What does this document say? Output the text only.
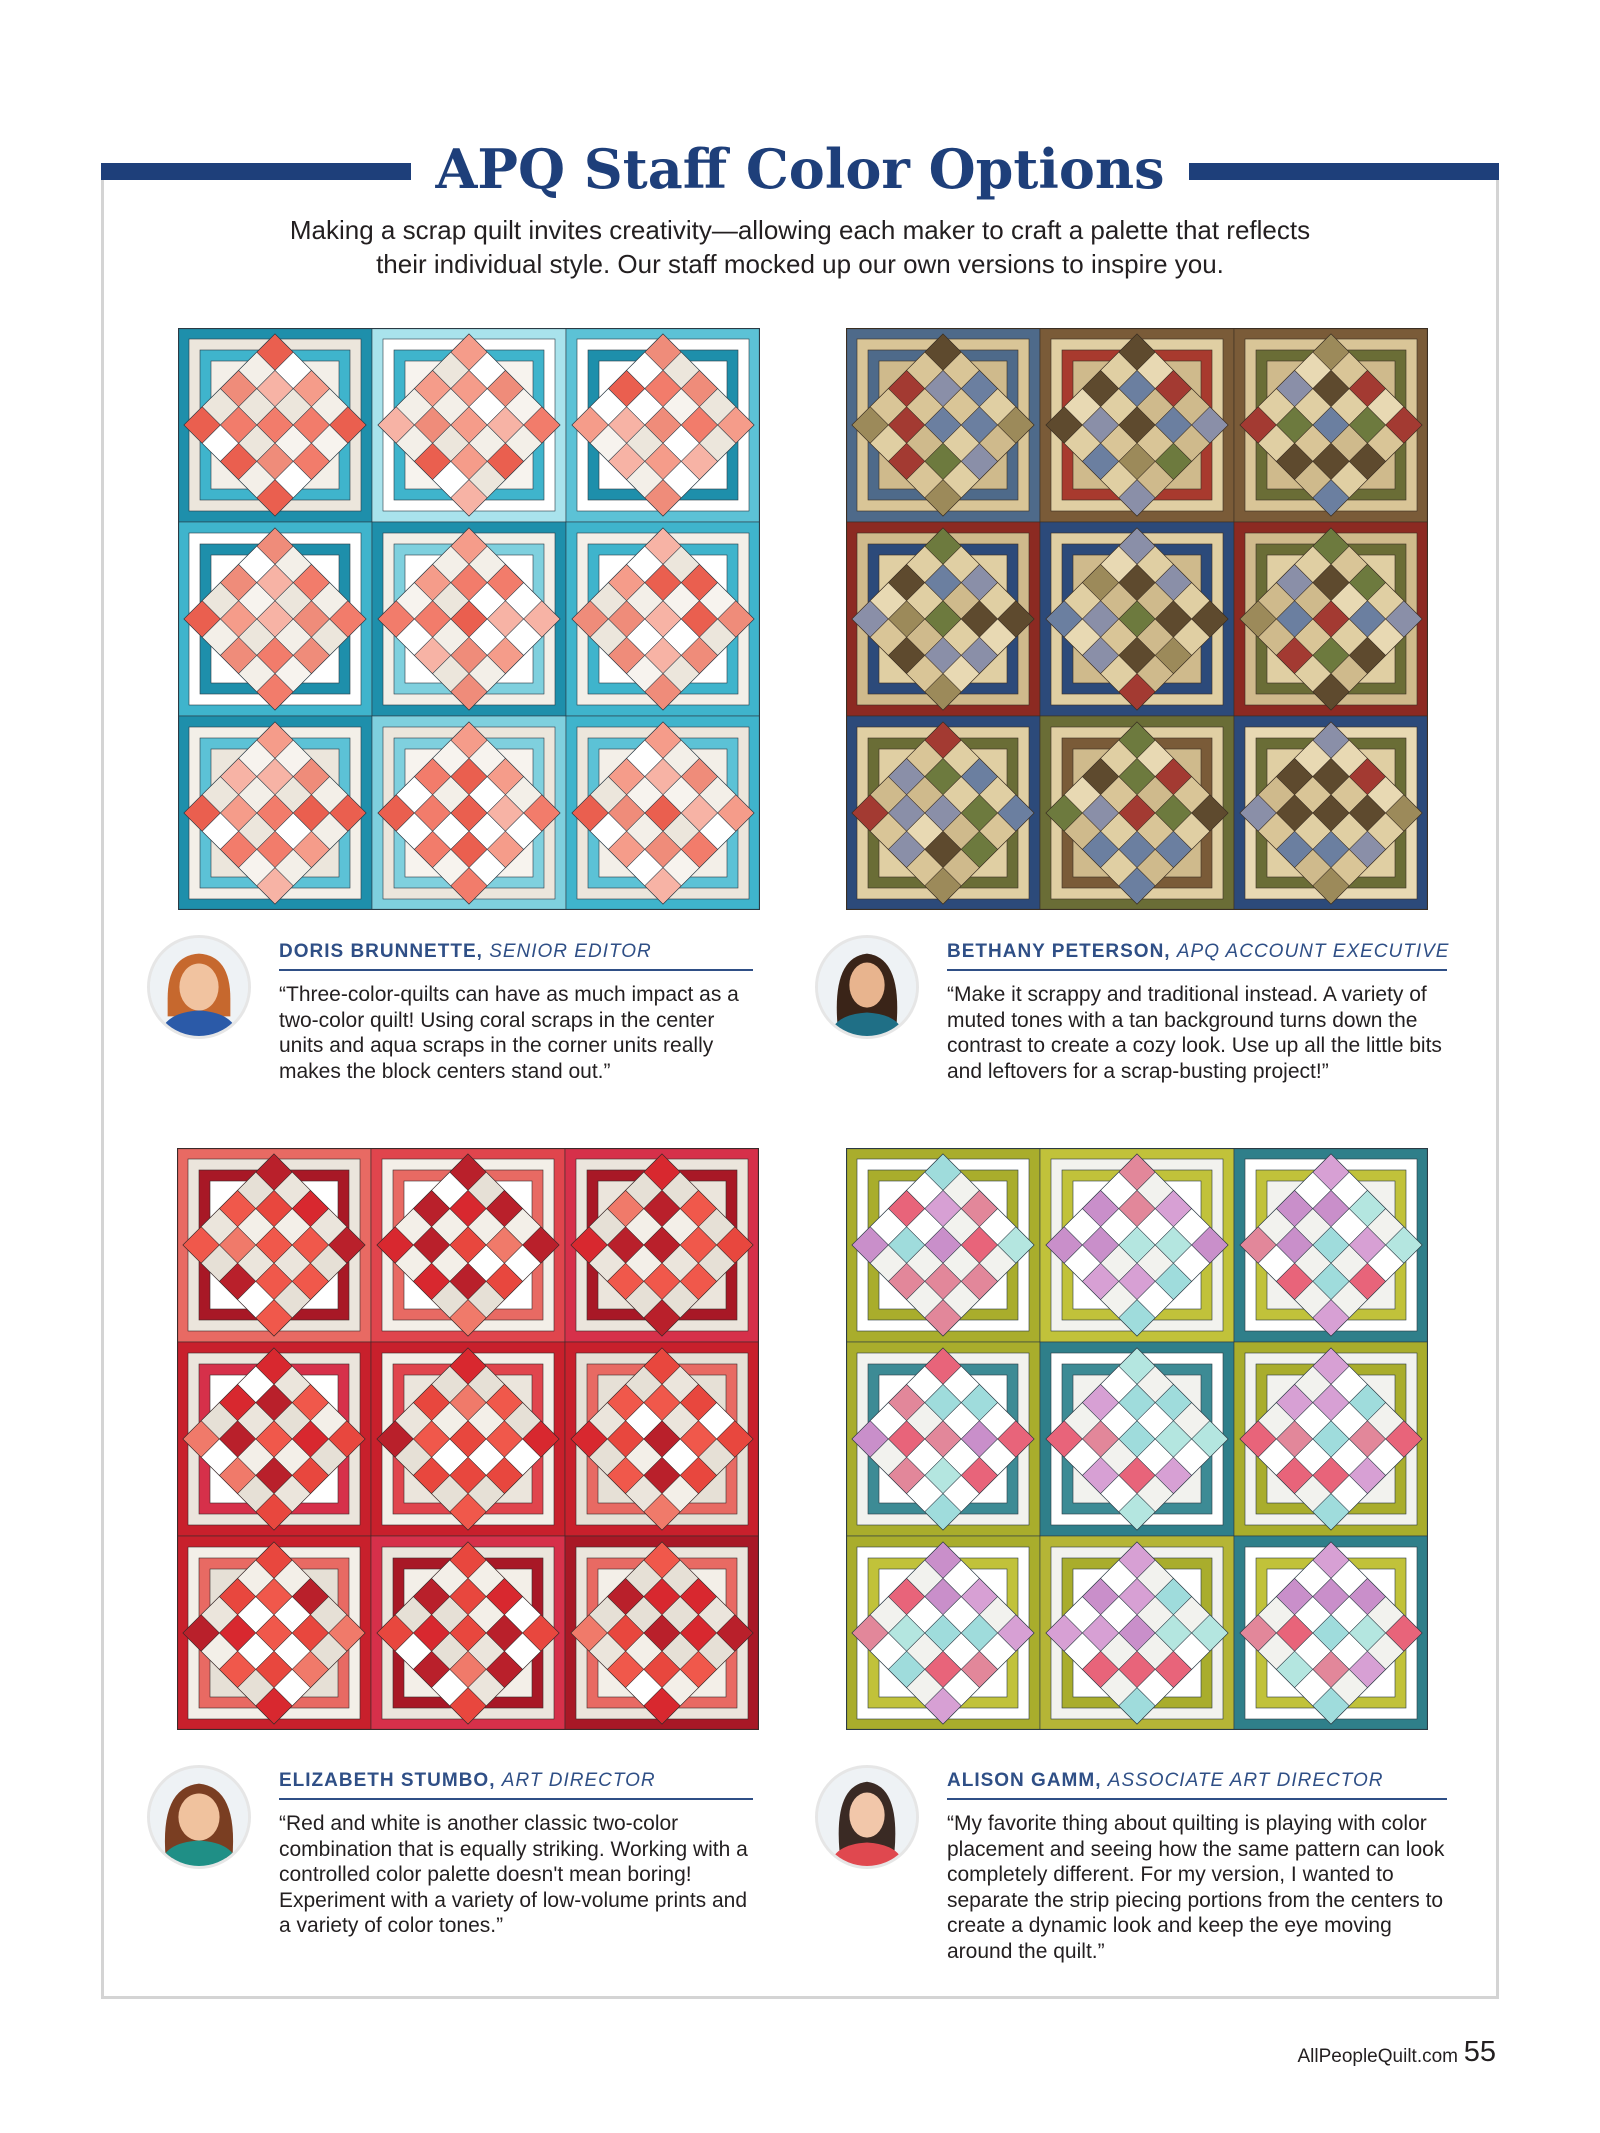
APQ Staff Color Options
Making a scrap quilt invites creativity—allowing each maker to craft a palette that reflects
their individual style. Our staff mocked up our own versions to inspire you.
DORIS BRUNNETTE, SENIOR EDITOR
“Three-color-quilts can have as much impact as a two-color quilt! Using coral scraps in the center units and aqua scraps in the corner units really makes the block centers stand out.”
BETHANY PETERSON, APQ ACCOUNT EXECUTIVE
“Make it scrappy and traditional instead. A variety of muted tones with a tan background turns down the contrast to create a cozy look. Use up all the little bits and leftovers for a scrap-busting project!”
ELIZABETH STUMBO, ART DIRECTOR
“Red and white is another classic two-color combination that is equally striking. Working with a controlled color palette doesn't mean boring! Experiment with a variety of low-volume prints and a variety of color tones.”
ALISON GAMM, ASSOCIATE ART DIRECTOR
“My favorite thing about quilting is playing with color placement and seeing how the same pattern can look completely different. For my version, I wanted to separate the strip piecing portions from the centers to create a dynamic look and keep the eye moving around the quilt.”
AllPeopleQuilt.com 55
